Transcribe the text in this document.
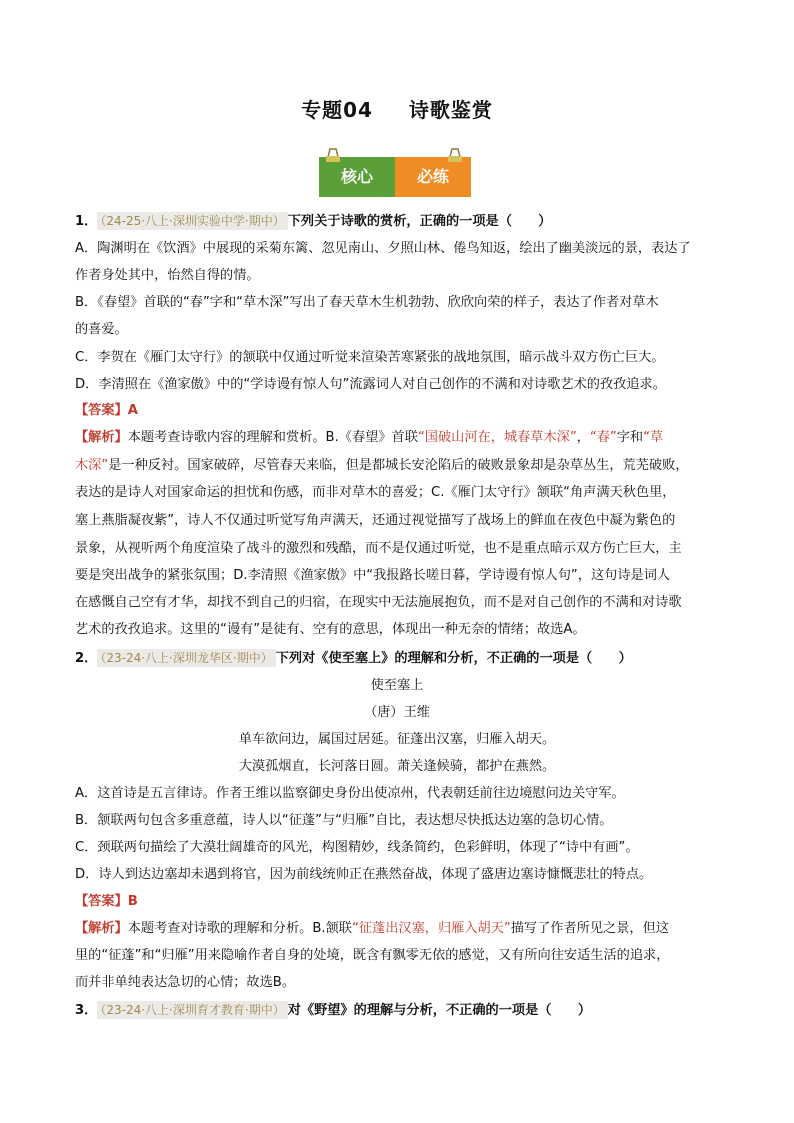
专题04 诗歌鉴赏
核心	必练
1． （24-25·八上·深圳实验中学·期中） 下列关于诗歌的赏析，正确的一项是（　　）
A．陶渊明在《饮酒》中展现的采菊东篱、忽见南山、夕照山林、倦鸟知返，绘出了幽美淡远的景，表达了
作者身处其中，怡然自得的情。
B．《春望》首联的“春”字和“草木深”写出了春天草木生机勃勃、欣欣向荣的样子，表达了作者对草木
的喜爱。
C．李贺在《雁门太守行》的颔联中仅通过听觉来渲染苦寒紧张的战地氛围，暗示战斗双方伤亡巨大。
D．李清照在《渔家傲》中的“学诗谩有惊人句”流露词人对自己创作的不满和对诗歌艺术的孜孜追求。
【答案】A
【解析】本题考查诗歌内容的理解和赏析。B.《春望》首联“国破山河在，城春草木深”，“春”字和“草
木深”是一种反衬。国家破碎，尽管春天来临，但是都城长安沦陷后的破败景象却是杂草丛生，荒芜破败，
表达的是诗人对国家命运的担忧和伤感，而非对草木的喜爱；C.《雁门太守行》颔联“角声满天秋色里，
塞上燕脂凝夜紫”，诗人不仅通过听觉写角声满天，还通过视觉描写了战场上的鲜血在夜色中凝为紫色的
景象，从视听两个角度渲染了战斗的激烈和残酷，而不是仅通过听觉，也不是重点暗示双方伤亡巨大，主
要是突出战争的紧张氛围；D.李清照《渔家傲》中“我报路长嗟日暮，学诗谩有惊人句”，这句诗是词人
在感慨自己空有才华，却找不到自己的归宿，在现实中无法施展抱负，而不是对自己创作的不满和对诗歌
艺术的孜孜追求。这里的“谩有”是徒有、空有的意思，体现出一种无奈的情绪；故选A。
2． （23-24·八上·深圳龙华区·期中） 下列对《使至塞上》的理解和分析，不正确的一项是（　　）
使至塞上
（唐）王维
单车欲问边，属国过居延。征蓬出汉塞，归雁入胡天。
大漠孤烟直，长河落日圆。萧关逢候骑，都护在燕然。
A．这首诗是五言律诗。作者王维以监察御史身份出使凉州，代表朝廷前往边境慰问边关守军。
B．颔联两句包含多重意蕴，诗人以“征蓬”与“归雁”自比，表达想尽快抵达边塞的急切心情。
C．颈联两句描绘了大漠壮阔雄奇的风光，构图精妙，线条简约，色彩鲜明，体现了“诗中有画”。
D．诗人到达边塞却未遇到将官，因为前线统帅正在燕然奋战，体现了盛唐边塞诗慷慨悲壮的特点。
【答案】B
【解析】本题考查对诗歌的理解和分析。B.颔联“征蓬出汉塞，归雁入胡天”描写了作者所见之景，但这
里的“征蓬”和“归雁”用来隐喻作者自身的处境，既含有飘零无依的感觉，又有所向往安适生活的追求，
而并非单纯表达急切的心情；故选B。
3． （23-24·八上·深圳育才教育·期中） 对《野望》的理解与分析，不正确的一项是（　　）
